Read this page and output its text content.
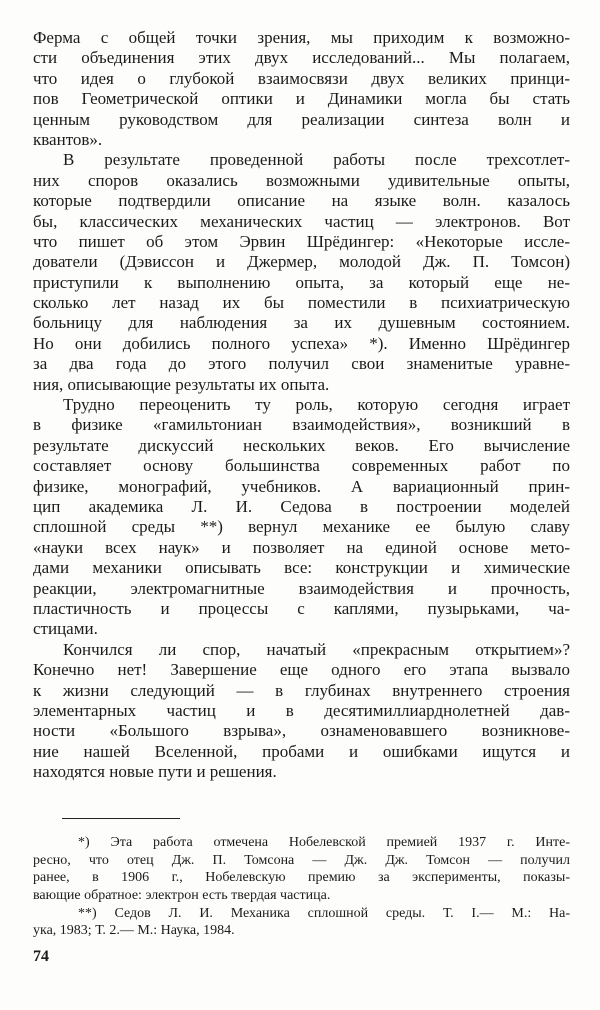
Ферма с общей точки зрения, мы приходим к возможно-
сти объединения этих двух исследований... Мы полагаем,
что идея о глубокой взаимосвязи двух великих принци-
пов Геометрической оптики и Динамики могла бы стать
ценным руководством для реализации синтеза волн и
квантов».
В результате проведенной работы после трехсотлет-
них споров оказались возможными удивительные опыты,
которые подтвердили описание на языке волн. казалось
бы, классических механических частиц — электронов. Вот
что пишет об этом Эрвин Шрёдингер: «Некоторые иссле-
дователи (Дэвиссон и Джермер, молодой Дж. П. Томсон)
приступили к выполнению опыта, за который еще не-
сколько лет назад их бы поместили в психиатрическую
больницу для наблюдения за их душевным состоянием.
Но они добились полного успеха» *). Именно Шрёдингер
за два года до этого получил свои знаменитые уравне-
ния, описывающие результаты их опыта.
Трудно переоценить ту роль, которую сегодня играет
в физике «гамильтониан взаимодействия», возникший в
результате дискуссий нескольких веков. Его вычисление
составляет основу большинства современных работ по
физике, монографий, учебников. А вариационный прин-
цип академика Л. И. Седова в построении моделей
сплошной среды **) вернул механике ее былую славу
«науки всех наук» и позволяет на единой основе мето-
дами механики описывать все: конструкции и химические
реакции, электромагнитные взаимодействия и прочность,
пластичность и процессы с каплями, пузырьками, ча-
стицами.
Кончился ли спор, начатый «прекрасным открытием»?
Конечно нет! Завершение еще одного его этапа вызвало
к жизни следующий — в глубинах внутреннего строения
элементарных частиц и в десятимиллиарднолетней дав-
ности «Большого взрыва», ознаменовавшего возникнове-
ние нашей Вселенной, пробами и ошибками ищутся и
находятся новые пути и решения.
*) Эта работа отмечена Нобелевской премией 1937 г. Инте-
ресно, что отец Дж. П. Томсона — Дж. Дж. Томсон — получил
ранее, в 1906 г., Нобелевскую премию за эксперименты, показы-
вающие обратное: электрон есть твердая частица.
**) Седов Л. И. Механика сплошной среды. Т. I.— М.: На-
ука, 1983; Т. 2.— М.: Наука, 1984.
74
